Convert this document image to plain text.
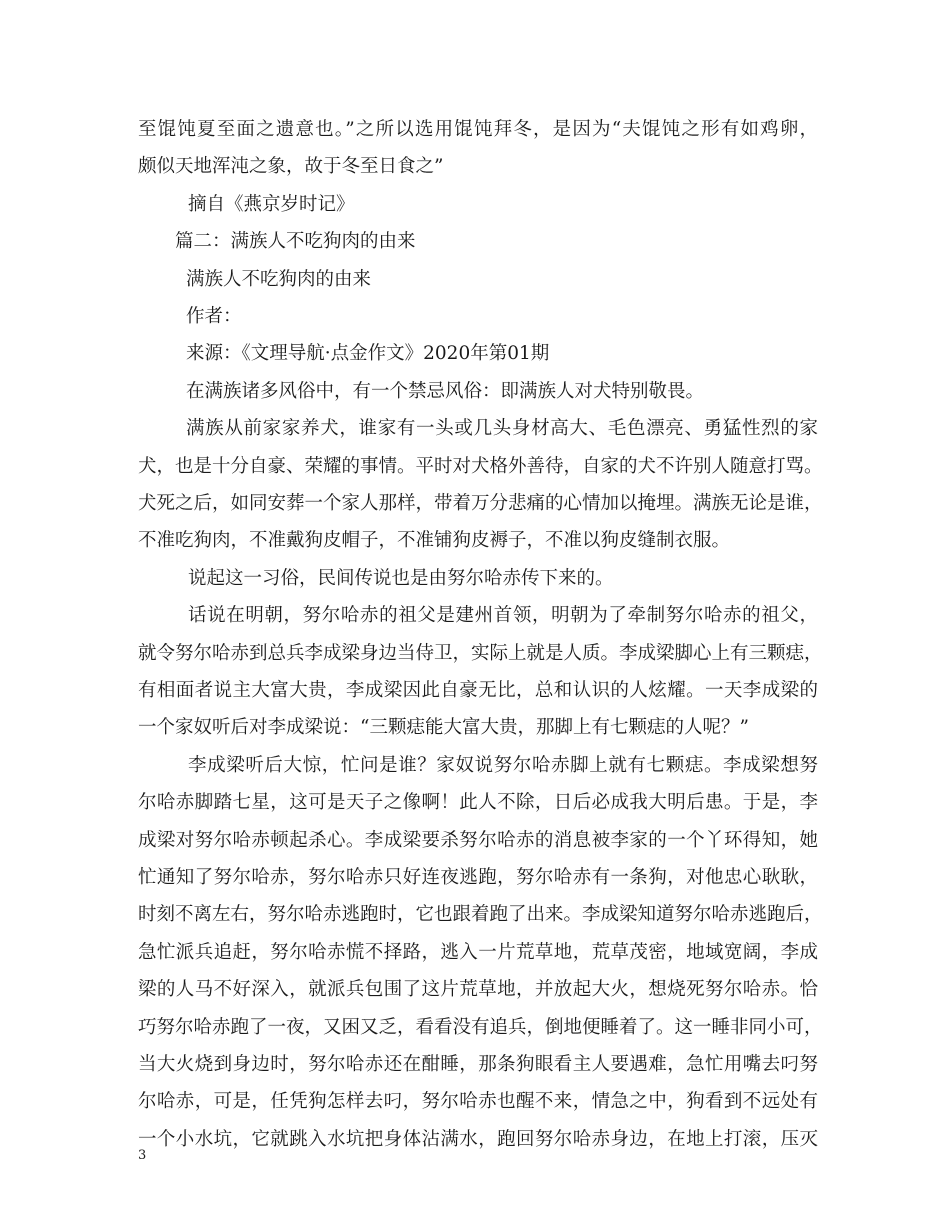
至馄饨夏至面之遗意也。”之所以选用馄饨拜冬，是因为“夫馄饨之形有如鸡卵，
颇似天地浑沌之象，故于冬至日食之”
摘自《燕京岁时记》
篇二：满族人不吃狗肉的由来
满族人不吃狗肉的由来
作者：
来源：《文理导航·点金作文》2020年第01期
在满族诸多风俗中，有一个禁忌风俗：即满族人对犬特别敬畏。
满族从前家家养犬，谁家有一头或几头身材高大、毛色漂亮、勇猛性烈的家
犬，也是十分自豪、荣耀的事情。平时对犬格外善待，自家的犬不许别人随意打骂。
犬死之后，如同安葬一个家人那样，带着万分悲痛的心情加以掩埋。满族无论是谁，
不准吃狗肉，不准戴狗皮帽子，不准铺狗皮褥子，不准以狗皮缝制衣服。
说起这一习俗，民间传说也是由努尔哈赤传下来的。
话说在明朝，努尔哈赤的祖父是建州首领，明朝为了牵制努尔哈赤的祖父，
就令努尔哈赤到总兵李成梁身边当侍卫，实际上就是人质。李成梁脚心上有三颗痣，
有相面者说主大富大贵，李成梁因此自豪无比，总和认识的人炫耀。一天李成梁的
一个家奴听后对李成梁说：“三颗痣能大富大贵，那脚上有七颗痣的人呢？”
李成梁听后大惊，忙问是谁？家奴说努尔哈赤脚上就有七颗痣。李成梁想努
尔哈赤脚踏七星，这可是天子之像啊！此人不除，日后必成我大明后患。于是，李
成梁对努尔哈赤顿起杀心。李成梁要杀努尔哈赤的消息被李家的一个丫环得知，她
忙通知了努尔哈赤，努尔哈赤只好连夜逃跑，努尔哈赤有一条狗，对他忠心耿耿，
时刻不离左右，努尔哈赤逃跑时，它也跟着跑了出来。李成梁知道努尔哈赤逃跑后，
急忙派兵追赶，努尔哈赤慌不择路，逃入一片荒草地，荒草茂密，地域宽阔，李成
梁的人马不好深入，就派兵包围了这片荒草地，并放起大火，想烧死努尔哈赤。恰
巧努尔哈赤跑了一夜，又困又乏，看看没有追兵，倒地便睡着了。这一睡非同小可，
当大火烧到身边时，努尔哈赤还在酣睡，那条狗眼看主人要遇难，急忙用嘴去叼努
尔哈赤，可是，任凭狗怎样去叼，努尔哈赤也醒不来，情急之中，狗看到不远处有
一个小水坑，它就跳入水坑把身体沾满水，跑回努尔哈赤身边，在地上打滚，压灭
3
